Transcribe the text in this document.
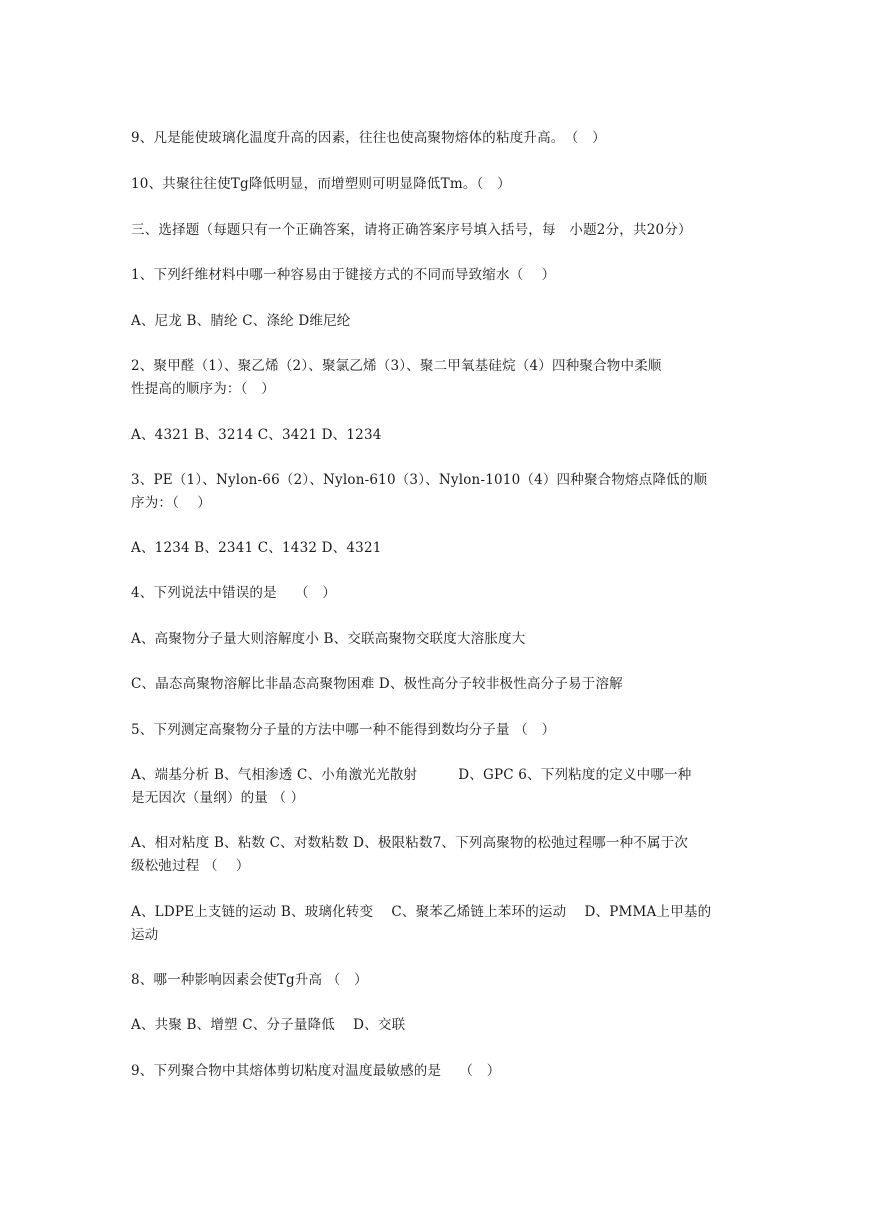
9、凡是能使玻璃化温度升高的因素，往往也使高聚物熔体的粘度升高。　（　）
10、共聚往往使Tg降低明显，而增塑则可明显降低Tm。（　）
三、选择题（每题只有一个正确答案，请将正确答案序号填入括号，每　小题2分，共20分）
1、下列纤维材料中哪一种容易由于键接方式的不同而导致缩水（　 ）
A、尼龙 B、腈纶 C、涤纶 D维尼纶
2、聚甲醛（1）、聚乙烯（2）、聚氯乙烯（3）、聚二甲氧基硅烷（4）四种聚合物中柔顺
性提高的顺序为：（　）
A、4321 B、3214 C、3421 D、1234
3、PE（1）、Nylon-66（2）、Nylon-610（3）、Nylon-1010（4）四种聚合物熔点降低的顺
序为：（　 ）
A、1234 B、2341 C、1432 D、4321
4、下列说法中错误的是　 （　）
A、高聚物分子量大则溶解度小 B、交联高聚物交联度大溶胀度大
C、晶态高聚物溶解比非晶态高聚物困难 D、极性高分子较非极性高分子易于溶解
5、下列测定高聚物分子量的方法中哪一种不能得到数均分子量 （　）
A、端基分析 B、气相渗透 C、小角激光光散射　　　D、GPC 6、下列粘度的定义中哪一种
是无因次（量纲）的量 （ ）
A、相对粘度 B、粘数 C、对数粘数 D、极限粘数7、下列高聚物的松弛过程哪一种不属于次
级松弛过程 （　 ）
A、LDPE上支链的运动 B、玻璃化转变　 C、聚苯乙烯链上苯环的运动　 D、PMMA上甲基的
运动
8、哪一种影响因素会使Tg升高 （　）
A、共聚 B、增塑 C、分子量降低　 D、交联
9、下列聚合物中其熔体剪切粘度对温度最敏感的是　 （　）
